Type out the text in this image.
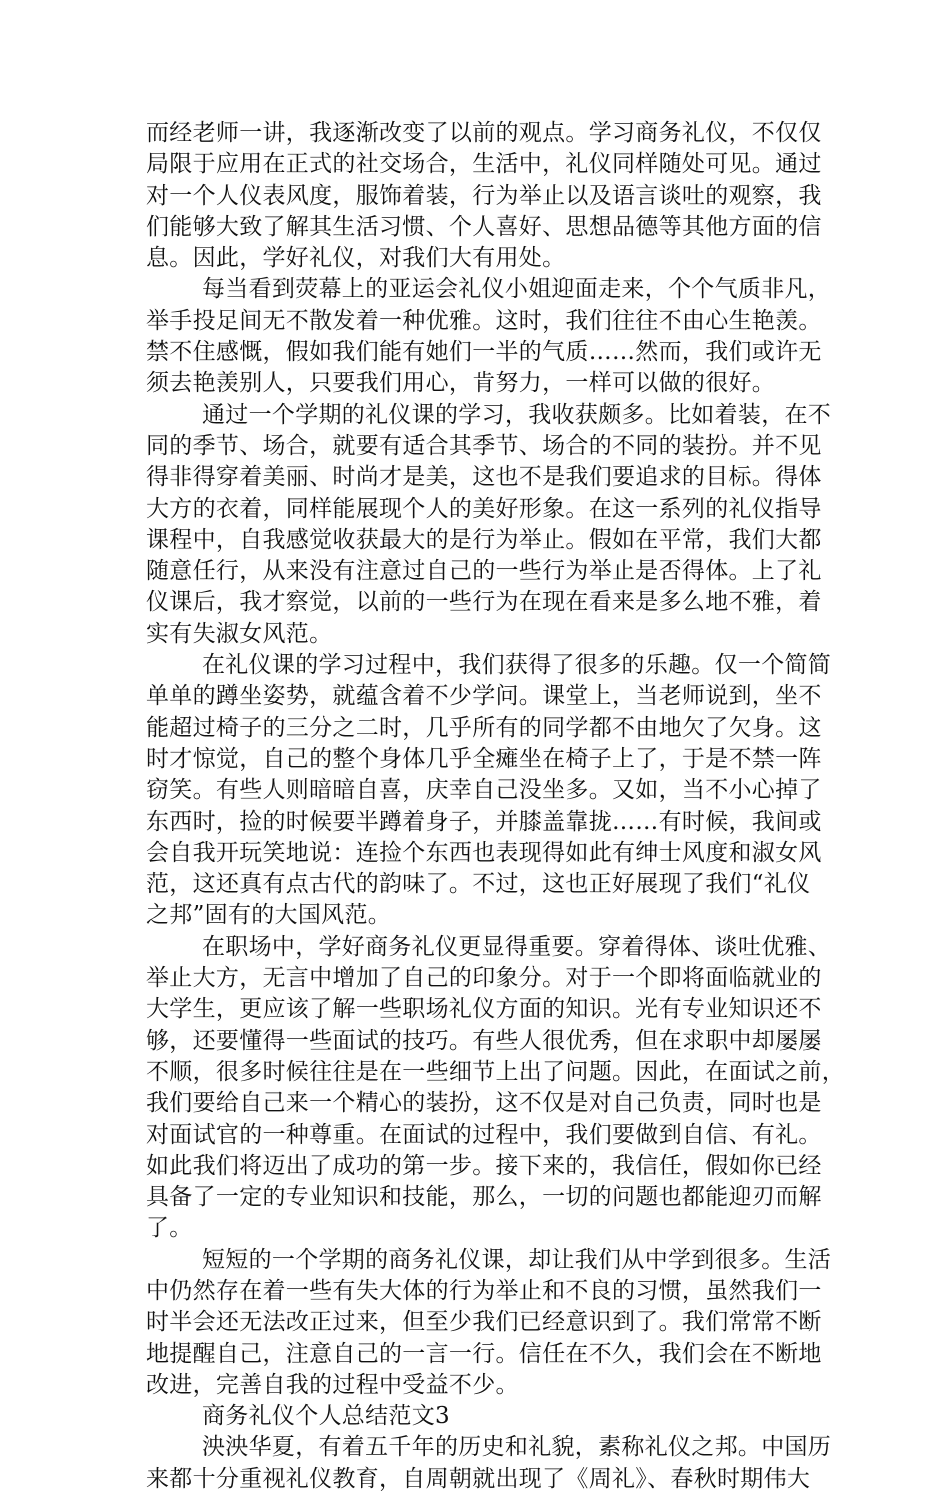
而经老师一讲，我逐渐改变了以前的观点。学习商务礼仪，不仅仅
局限于应用在正式的社交场合，生活中，礼仪同样随处可见。通过
对一个人仪表风度，服饰着装，行为举止以及语言谈吐的观察，我
们能够大致了解其生活习惯、个人喜好、思想品德等其他方面的信
息。因此，学好礼仪，对我们大有用处。

每当看到荧幕上的亚运会礼仪小姐迎面走来，个个气质非凡，
举手投足间无不散发着一种优雅。这时，我们往往不由心生艳羡。
禁不住感慨，假如我们能有她们一半的气质……然而，我们或许无
须去艳羡别人，只要我们用心，肯努力，一样可以做的很好。

通过一个学期的礼仪课的学习，我收获颇多。比如着装，在不
同的季节、场合，就要有适合其季节、场合的不同的装扮。并不见
得非得穿着美丽、时尚才是美，这也不是我们要追求的目标。得体
大方的衣着，同样能展现个人的美好形象。在这一系列的礼仪指导
课程中，自我感觉收获最大的是行为举止。假如在平常，我们大都
随意任行，从来没有注意过自己的一些行为举止是否得体。上了礼
仪课后，我才察觉，以前的一些行为在现在看来是多么地不雅，着
实有失淑女风范。

在礼仪课的学习过程中，我们获得了很多的乐趣。仅一个简简
单单的蹲坐姿势，就蕴含着不少学问。课堂上，当老师说到，坐不
能超过椅子的三分之二时，几乎所有的同学都不由地欠了欠身。这
时才惊觉，自己的整个身体几乎全瘫坐在椅子上了，于是不禁一阵
窃笑。有些人则暗暗自喜，庆幸自己没坐多。又如，当不小心掉了
东西时，捡的时候要半蹲着身子，并膝盖靠拢……有时候，我间或
会自我开玩笑地说：连捡个东西也表现得如此有绅士风度和淑女风
范，这还真有点古代的韵味了。不过，这也正好展现了我们“礼仪
之邦”固有的大国风范。

在职场中，学好商务礼仪更显得重要。穿着得体、谈吐优雅、
举止大方，无言中增加了自己的印象分。对于一个即将面临就业的
大学生，更应该了解一些职场礼仪方面的知识。光有专业知识还不
够，还要懂得一些面试的技巧。有些人很优秀，但在求职中却屡屡
不顺，很多时候往往是在一些细节上出了问题。因此，在面试之前，
我们要给自己来一个精心的装扮，这不仅是对自己负责，同时也是
对面试官的一种尊重。在面试的过程中，我们要做到自信、有礼。
如此我们将迈出了成功的第一步。接下来的，我信任，假如你已经
具备了一定的专业知识和技能，那么，一切的问题也都能迎刃而解
了。

短短的一个学期的商务礼仪课，却让我们从中学到很多。生活
中仍然存在着一些有失大体的行为举止和不良的习惯，虽然我们一
时半会还无法改正过来，但至少我们已经意识到了。我们常常不断
地提醒自己，注意自己的一言一行。信任在不久，我们会在不断地
改进，完善自我的过程中受益不少。

商务礼仪个人总结范文3

泱泱华夏，有着五千年的历史和礼貌，素称礼仪之邦。中国历
来都十分重视礼仪教育，自周朝就出现了《周礼》、春秋时期伟大
